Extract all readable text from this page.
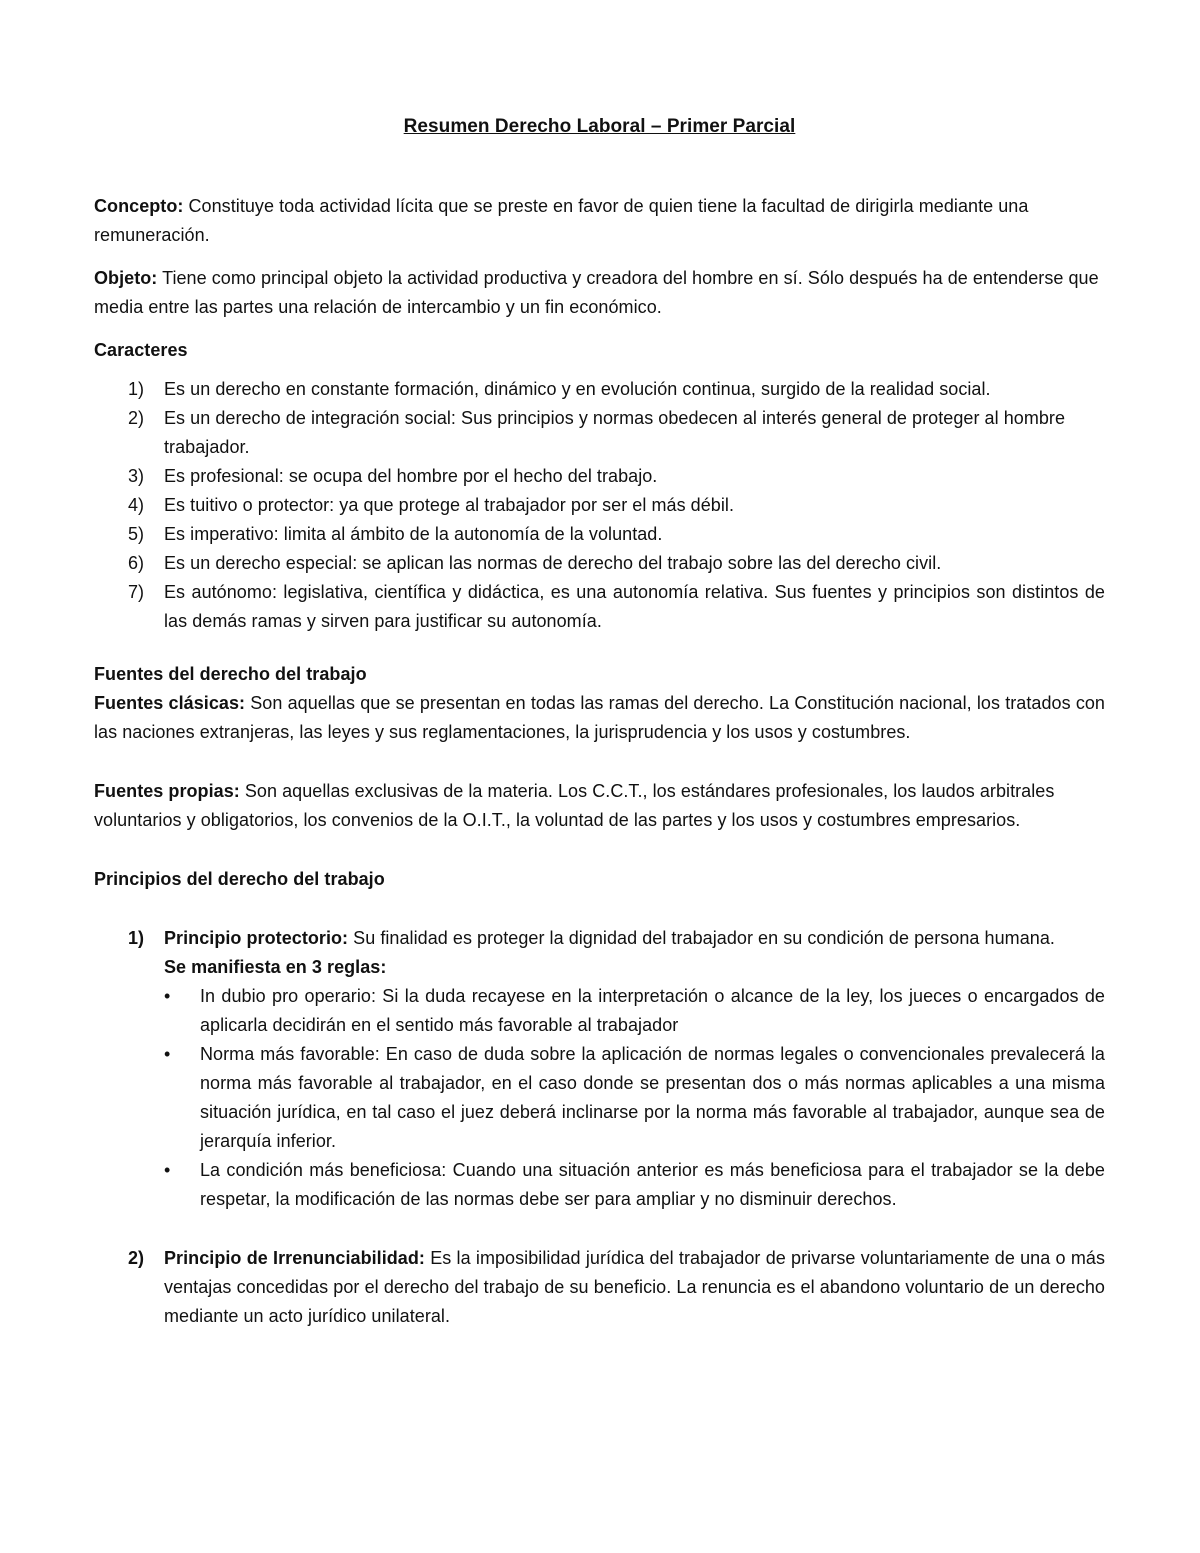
Resumen Derecho Laboral – Primer Parcial

Concepto: Constituye toda actividad lícita que se preste en favor de quien tiene la facultad de dirigirla mediante una remuneración.

Objeto: Tiene como principal objeto la actividad productiva y creadora del hombre en sí. Sólo después ha de entenderse que media entre las partes una relación de intercambio y un fin económico.

Caracteres
1) Es un derecho en constante formación, dinámico y en evolución continua, surgido de la realidad social.
2) Es un derecho de integración social: Sus principios y normas obedecen al interés general de proteger al hombre trabajador.
3) Es profesional: se ocupa del hombre por el hecho del trabajo.
4) Es tuitivo o protector: ya que protege al trabajador por ser el más débil.
5) Es imperativo: limita al ámbito de la autonomía de la voluntad.
6) Es un derecho especial: se aplican las normas de derecho del trabajo sobre las del derecho civil.
7) Es autónomo: legislativa, científica y didáctica, es una autonomía relativa. Sus fuentes y principios son distintos de las demás ramas y sirven para justificar su autonomía.
Fuentes del derecho del trabajo

Fuentes clásicas: Son aquellas que se presentan en todas las ramas del derecho. La Constitución nacional, los tratados con las naciones extranjeras, las leyes y sus reglamentaciones, la jurisprudencia y los usos y costumbres.

Fuentes propias: Son aquellas exclusivas de la materia. Los C.C.T., los estándares profesionales, los laudos arbitrales voluntarios y obligatorios, los convenios de la O.I.T., la voluntad de las partes y los usos y costumbres empresarios.

Principios del derecho del trabajo
1) Principio protectorio: Su finalidad es proteger la dignidad del trabajador en su condición de persona humana.
Se manifiesta en 3 reglas:
• In dubio pro operario: Si la duda recayese en la interpretación o alcance de la ley, los jueces o encargados de aplicarla decidirán en el sentido más favorable al trabajador
• Norma más favorable: En caso de duda sobre la aplicación de normas legales o convencionales prevalecerá la norma más favorable al trabajador, en el caso donde se presentan dos o más normas aplicables a una misma situación jurídica, en tal caso el juez deberá inclinarse por la norma más favorable al trabajador, aunque sea de jerarquía inferior.
• La condición más beneficiosa: Cuando una situación anterior es más beneficiosa para el trabajador se la debe respetar, la modificación de las normas debe ser para ampliar y no disminuir derechos.
2) Principio de Irrenunciabilidad: Es la imposibilidad jurídica del trabajador de privarse voluntariamente de una o más ventajas concedidas por el derecho del trabajo de su beneficio. La renuncia es el abandono voluntario de un derecho mediante un acto jurídico unilateral.
